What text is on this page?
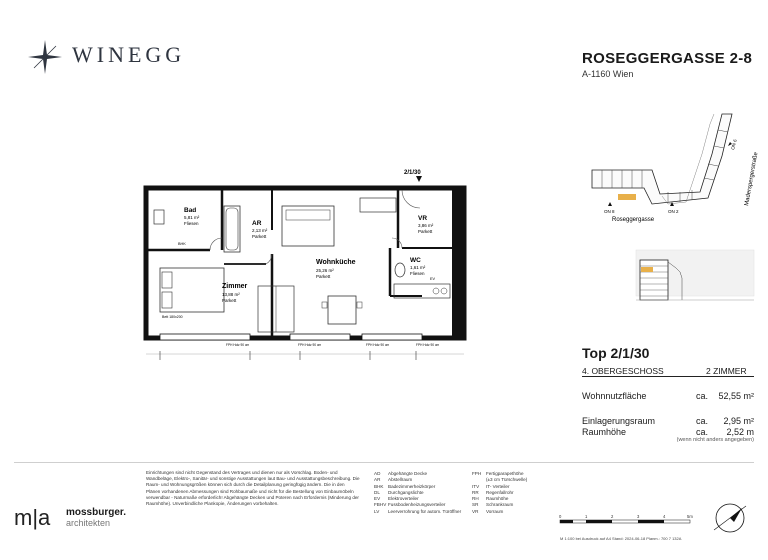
WINEGG	ROSEGGERGASSE 2-8
A-1160 Wien
2/1/30
Bad
5,81 m²
Fliesen
BHK
AR
2,13 m²
Parkett
Wohnküche
25,26 m²
Parkett
VR
3,86 m²
Parkett
WC
1,61 m²
Fliesen
EV
Zimmer
13,88 m²
Parkett
Bett 180x200
FPH Holz 90 cm	FPH Holz 90 cm	FPH Holz 90 cm	FPH Holz 90 cm
ON 8	ON 2
ON 6
Roseggergasse
Maderspergerstraße
Top 2/1/30
4. OBERGESCHOSS	2 ZIMMER
Wohnnutzfläche	ca. 52,55 m²
Einlagerungsraum	ca. 2,95 m²
Raumhöhe	ca. 2,52 m
(wenn nicht anders angegeben)
m|a mossburger.
architekten
Einrichtungen sind nicht Gegenstand des Vertrages und dienen nur als Vorschlag. Boden- und Wandbeläge, Elektro-, Sanitär- und sonstige Ausstattungen laut Bau- und Ausstattungsbeschreibung. Die Raum- und Wohnungsgrößen können sich durch die Detailplanung geringfügig ändern. Die in den Plänen vorhandenen Abmessungen sind Rohbaumaße und nicht für die Bestellung von Einbaumöbeln verwendbar - Naturmaße erforderlich! Abgehängte Decken und Poteren nach Erfordernis (Minderung der Raumhöhe). Unverbindliche Plankopie, Änderungen vorbehalten.
AD Abgehängte Decke
AR Abstellraum
BHK Badezimmerheizkörper
DL Durchgangslichte
EV Elektroverteiler
FBHV Fussbodenheizungsverteiler
LV Leerverrohrung für autom. Türöffner
FPH Fertigparapethöhe
(±3 cm Türschwelle)
ITV IT- Verteiler
RR Regenfallrohr
RH Raumhöhe
SR Schrankraum
VR Vorraum
0	1	2	3	4	5m
M 1:100 bei Ausdruck auf A4 Stand: 2024-06-18 Planm.: 700 7 132A
